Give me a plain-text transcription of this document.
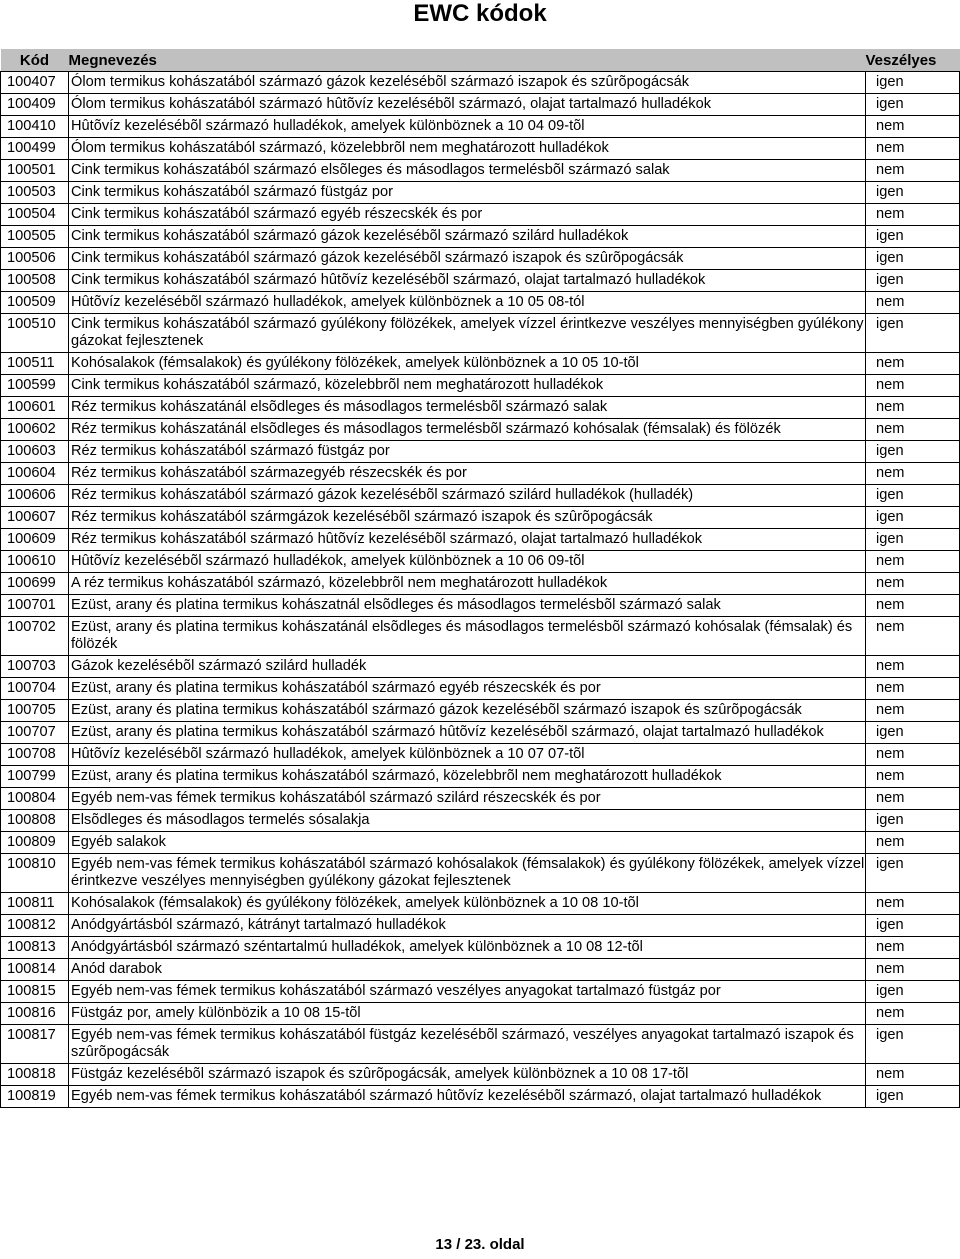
EWC kódok
Kód	Megnevezés	Veszélyes
100407	Ólom termikus kohászatából származó gázok kezelésébõl származó iszapok és szûrõpogácsák	igen
100409	Ólom termikus kohászatából származó hûtõvíz kezelésébõl származó, olajat tartalmazó hulladékok	igen
100410	Hûtõvíz kezelésébõl származó hulladékok, amelyek különböznek a 10 04 09-tõl	nem
100499	Ólom termikus kohászatából származó, közelebbrõl nem meghatározott hulladékok	nem
100501	Cink termikus kohászatából származó elsõleges és másodlagos termelésbõl származó salak	nem
100503	Cink termikus kohászatából származó füstgáz por	igen
100504	Cink termikus kohászatából származó egyéb részecskék és por	nem
100505	Cink termikus kohászatából származó gázok kezelésébõl származó szilárd hulladékok	igen
100506	Cink termikus kohászatából származó gázok kezelésébõl származó iszapok és szûrõpogácsák	igen
100508	Cink termikus kohászatából származó hûtõvíz kezelésébõl származó, olajat tartalmazó hulladékok	igen
100509	Hûtõvíz kezelésébõl származó hulladékok, amelyek különböznek a 10 05 08-tól	nem
100510	Cink termikus kohászatából származó gyúlékony fölözékek, amelyek vízzel érintkezve veszélyes mennyiségben gyúlékony gázokat fejlesztenek	igen
100511	Kohósalakok (fémsalakok) és gyúlékony fölözékek, amelyek különböznek a 10 05 10-tõl	nem
100599	Cink termikus kohászatából származó, közelebbrõl nem meghatározott hulladékok	nem
100601	Réz termikus kohászatánál elsõdleges és másodlagos termelésbõl származó salak	nem
100602	Réz termikus kohászatánál elsõdleges és másodlagos termelésbõl származó kohósalak (fémsalak) és fölözék	nem
100603	Réz termikus kohászatából származó füstgáz por	igen
100604	Réz termikus kohászatából származegyéb részecskék és por	nem
100606	Réz termikus kohászatából származó gázok kezelésébõl származó szilárd hulladékok (hulladék)	igen
100607	Réz termikus kohászatából szármgázok kezelésébõl származó iszapok és szûrõpogácsák	igen
100609	Réz termikus kohászatából származó hûtõvíz kezelésébõl származó, olajat tartalmazó hulladékok	igen
100610	Hûtõvíz kezelésébõl származó hulladékok, amelyek különböznek a 10 06 09-tõl	nem
100699	A réz termikus kohászatából származó, közelebbrõl nem meghatározott hulladékok	nem
100701	Ezüst, arany és platina termikus kohászatnál elsõdleges és másodlagos termelésbõl származó salak	nem
100702	Ezüst, arany és platina termikus kohászatánál elsõdleges és másodlagos termelésbõl származó kohósalak (fémsalak) és fölözék	nem
100703	Gázok kezelésébõl származó szilárd hulladék	nem
100704	Ezüst, arany és platina termikus kohászatából származó egyéb részecskék és por	nem
100705	Ezüst, arany és platina termikus kohászatából származó gázok kezelésébõl származó iszapok és szûrõpogácsák	nem
100707	Ezüst, arany és platina termikus kohászatából származó hûtõvíz kezelésébõl származó, olajat tartalmazó hulladékok	igen
100708	Hûtõvíz kezelésébõl származó hulladékok, amelyek különböznek a 10 07 07-tõl	nem
100799	Ezüst, arany és platina termikus kohászatából származó, közelebbrõl nem meghatározott hulladékok	nem
100804	Egyéb nem-vas fémek termikus kohászatából származó szilárd részecskék és por	nem
100808	Elsõdleges és másodlagos termelés sósalakja	igen
100809	Egyéb salakok	nem
100810	Egyéb nem-vas fémek termikus kohászatából származó kohósalakok (fémsalakok) és gyúlékony fölözékek, amelyek vízzel érintkezve veszélyes mennyiségben gyúlékony gázokat fejlesztenek	igen
100811	Kohósalakok (fémsalakok) és gyúlékony fölözékek, amelyek különböznek a 10 08 10-tõl	nem
100812	Anódgyártásból származó, kátrányt tartalmazó hulladékok	igen
100813	Anódgyártásból származó széntartalmú hulladékok, amelyek különböznek a 10 08 12-tõl	nem
100814	Anód darabok	nem
100815	Egyéb nem-vas fémek termikus kohászatából származó veszélyes anyagokat tartalmazó füstgáz por	igen
100816	Füstgáz por, amely különbözik a 10 08 15-tõl	nem
100817	Egyéb nem-vas fémek termikus kohászatából füstgáz kezelésébõl származó, veszélyes anyagokat tartalmazó iszapok és szûrõpogácsák	igen
100818	Füstgáz kezelésébõl származó iszapok és szûrõpogácsák, amelyek különböznek a 10 08 17-tõl	nem
100819	Egyéb nem-vas fémek termikus kohászatából származó hûtõvíz kezelésébõl származó, olajat tartalmazó hulladékok	igen
13 / 23. oldal
